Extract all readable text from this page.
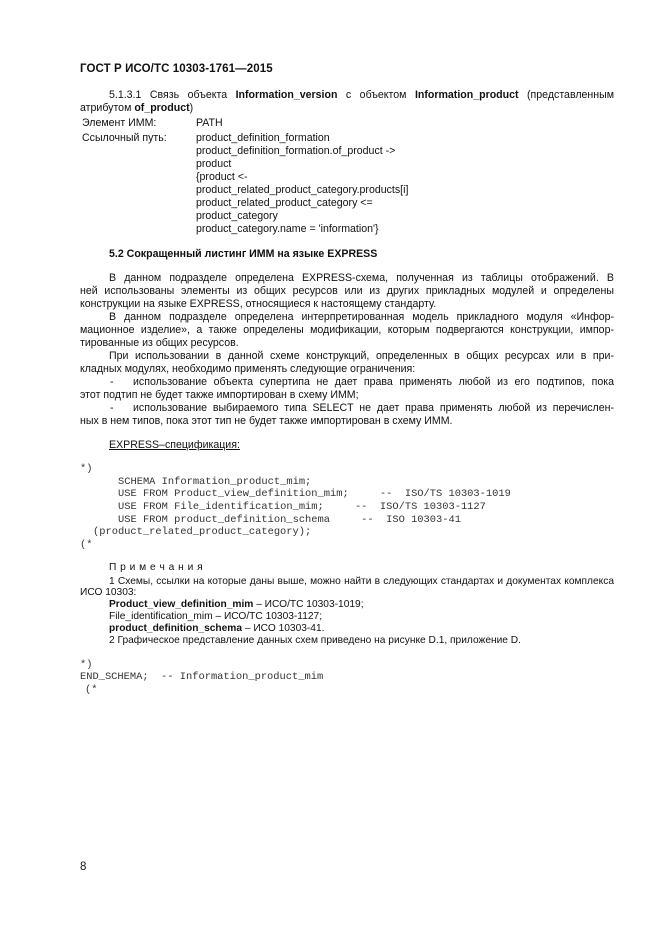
ГОСТ Р ИСО/ТС 10303-1761—2015
5.1.3.1 Связь объекта Information_version с объектом Information_product (представленным
атрибутом of_product)
Элемент ИММ:	PATH
Ссылочный путь:	product_definition_formation
product_definition_formation.of_product ->
product
{product <-
product_related_product_category.products[i]
product_related_product_category <=
product_category
product_category.name = 'information'}
5.2 Сокращенный листинг ИММ на языке EXPRESS
В данном подразделе определена EXPRESS-схема, полученная из таблицы отображений. В
ней использованы элементы из общих ресурсов или из других прикладных модулей и определены
конструкции на языке EXPRESS, относящиеся к настоящему стандарту.
В данном подразделе определена интерпретированная модель прикладного модуля «Инфор-
мационное изделие», а также определены модификации, которым подвергаются конструкции, импор-
тированные из общих ресурсов.
При использовании в данной схеме конструкций, определенных в общих ресурсах или в при-
кладных модулях, необходимо применять следующие ограничения:
- использование объекта супертипа не дает права применять любой из его подтипов, пока
этот подтип не будет также импортирован в схему ИММ;
- использование выбираемого типа SELECT не дает права применять любой из перечислен-
ных в нем типов, пока этот тип не будет также импортирован в схему ИММ.
EXPRESS–спецификация:
*)
SCHEMA Information_product_mim;
USE FROM Product_view_definition_mim;     --  ISO/TS 10303-1019
USE FROM File_identification_mim;     --  ISO/TS 10303-1127
USE FROM product_definition_schema     --  ISO 10303-41
(product_related_product_category);
(*
П р и м е ч а н и я
1 Схемы, ссылки на которые даны выше, можно найти в следующих стандартах и документах комплекса
ИСО 10303:
Product_view_definition_mim – ИСО/ТС 10303-1019;
File_identification_mim – ИСО/ТС 10303-1127;
product_definition_schema – ИСО 10303-41.
2 Графическое представление данных схем приведено на рисунке D.1, приложение D.
*)
END_SCHEMA;  -- Information_product_mim
(*
8
